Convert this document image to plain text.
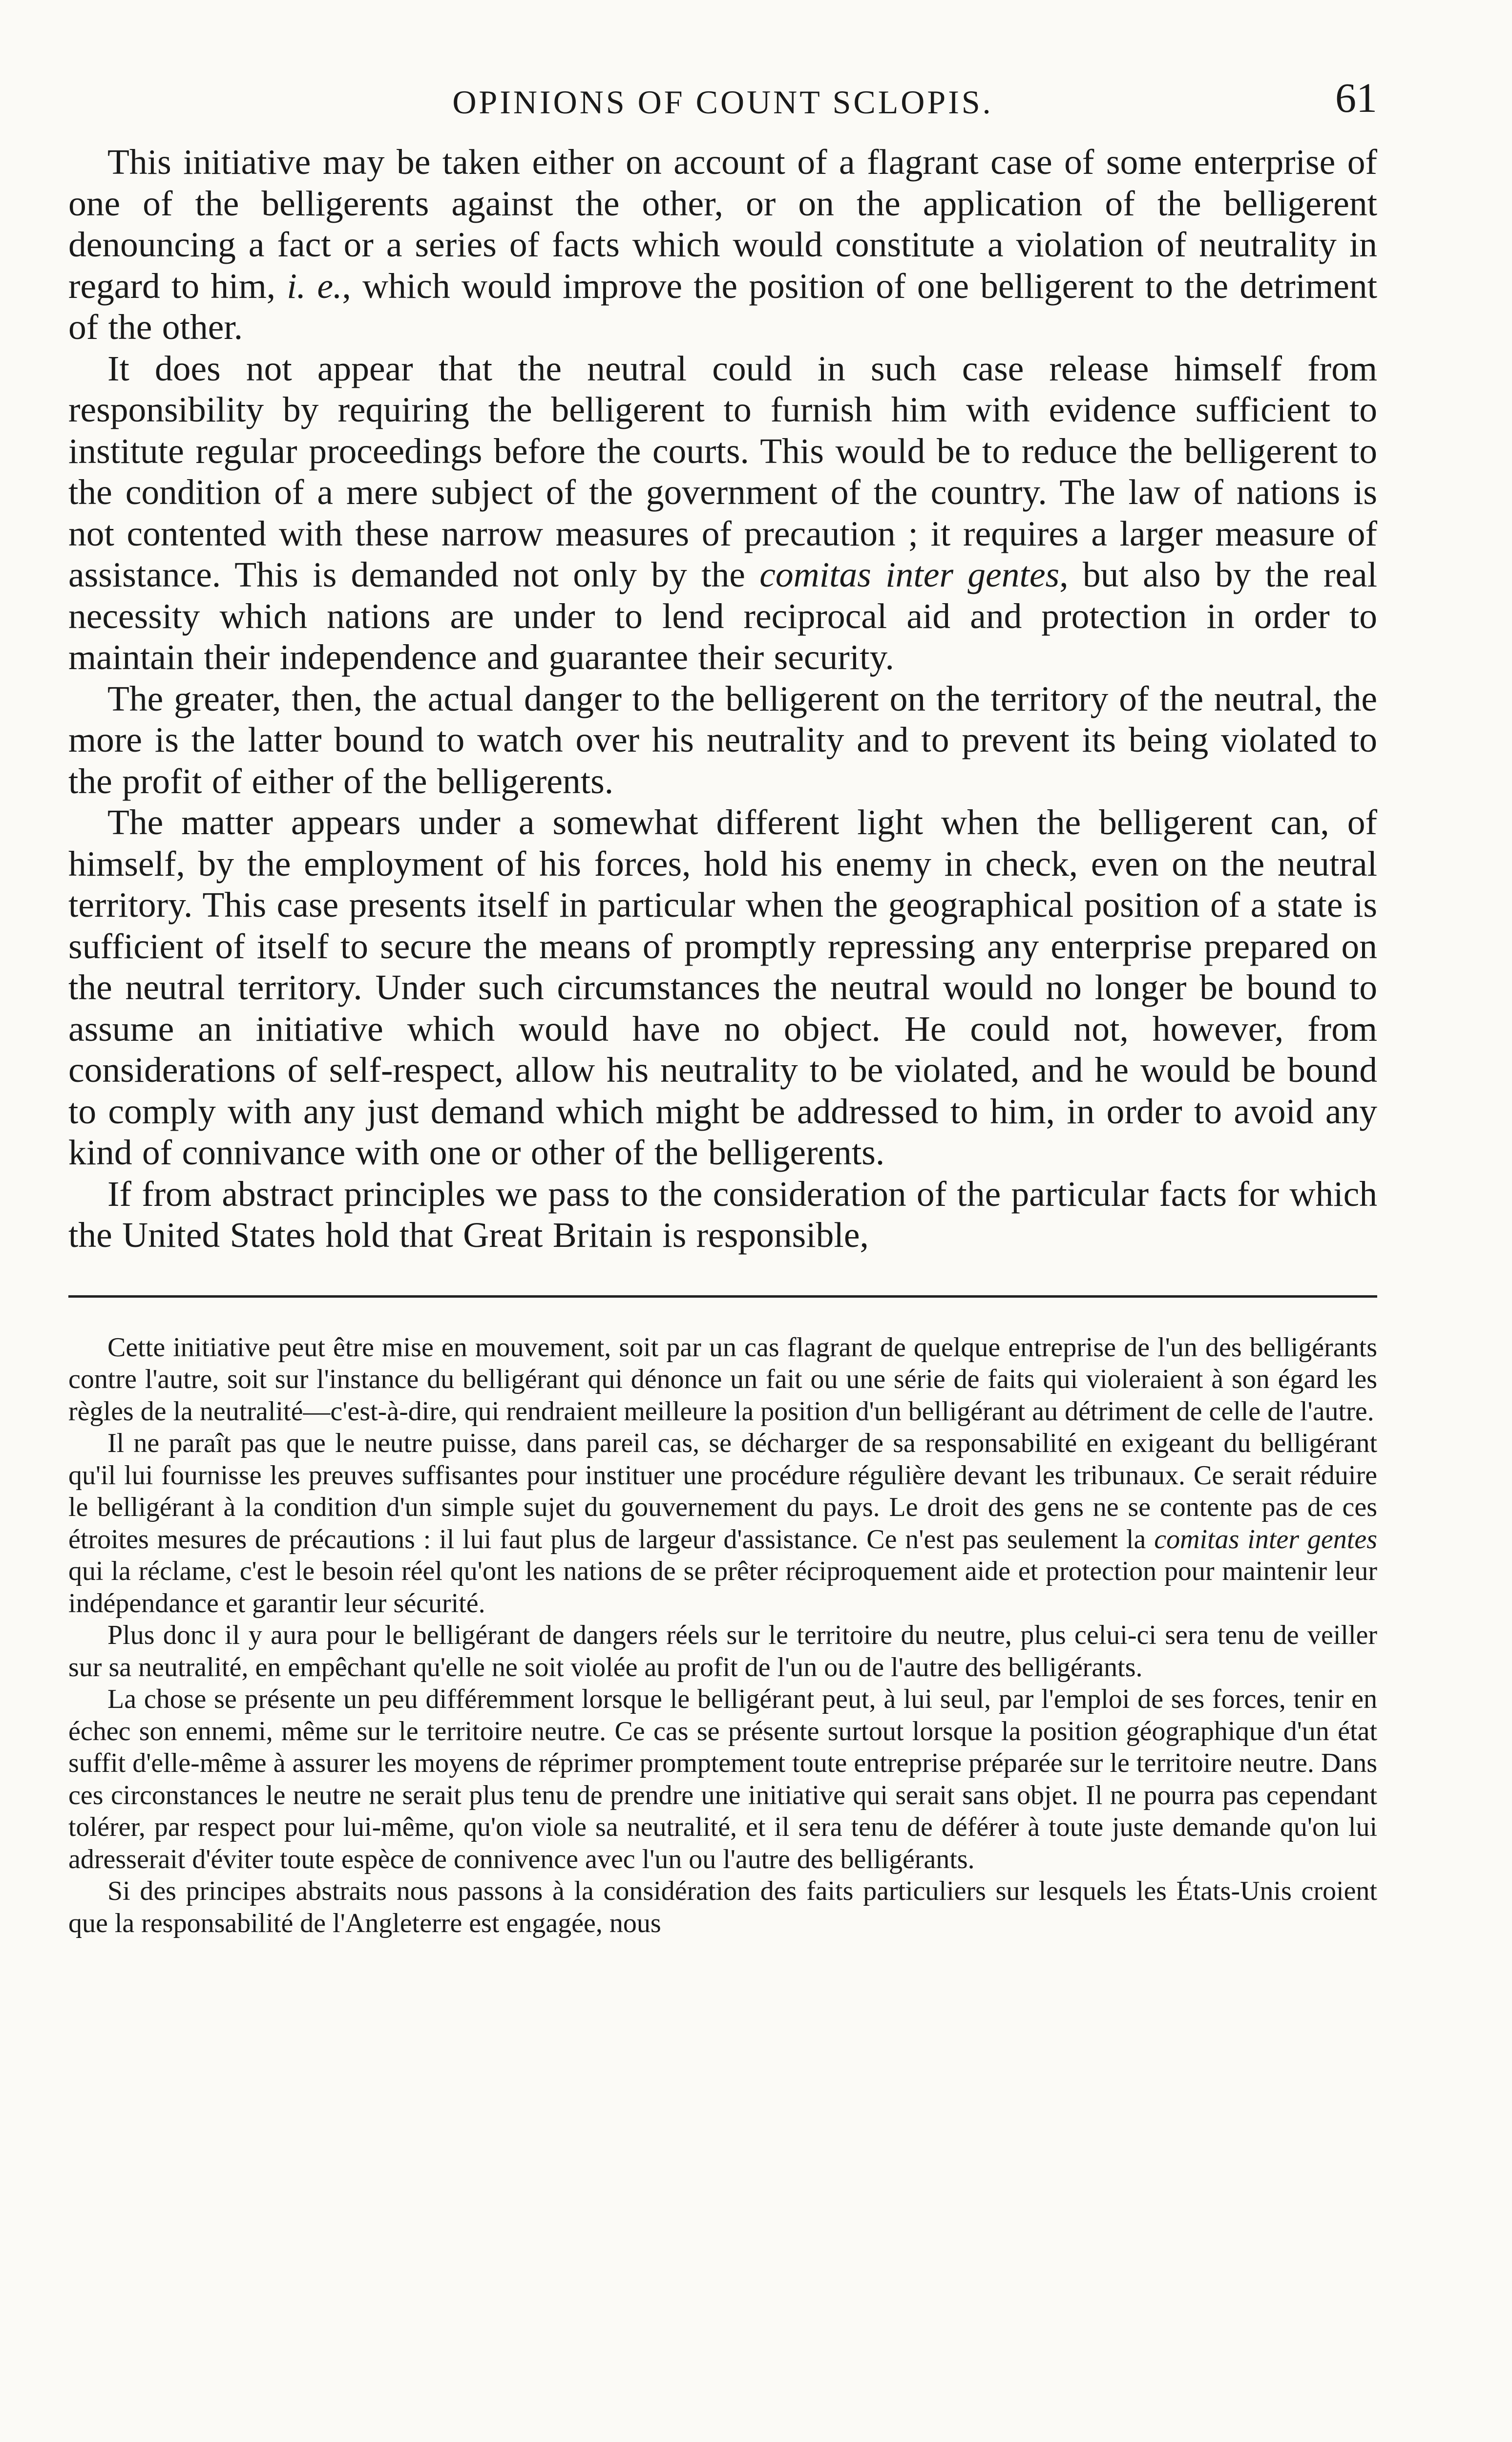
OPINIONS OF COUNT SCLOPIS.	61

This initiative may be taken either on account of a flagrant case of some enterprise of one of the belligerents against the other, or on the application of the belligerent denouncing a fact or a series of facts which would constitute a violation of neutrality in regard to him, i. e., which would improve the position of one belligerent to the detriment of the other.

It does not appear that the neutral could in such case release himself from responsibility by requiring the belligerent to furnish him with evidence sufficient to institute regular proceedings before the courts. This would be to reduce the belligerent to the condition of a mere subject of the government of the country. The law of nations is not contented with these narrow measures of precaution ; it requires a larger measure of assistance. This is demanded not only by the comitas inter gentes, but also by the real necessity which nations are under to lend reciprocal aid and protection in order to maintain their independence and guarantee their security.

The greater, then, the actual danger to the belligerent on the territory of the neutral, the more is the latter bound to watch over his neutrality and to prevent its being violated to the profit of either of the belligerents.

The matter appears under a somewhat different light when the belligerent can, of himself, by the employment of his forces, hold his enemy in check, even on the neutral territory. This case presents itself in particular when the geographical position of a state is sufficient of itself to secure the means of promptly repressing any enterprise prepared on the neutral territory. Under such circumstances the neutral would no longer be bound to assume an initiative which would have no object. He could not, however, from considerations of self-respect, allow his neutrality to be violated, and he would be bound to comply with any just demand which might be addressed to him, in order to avoid any kind of connivance with one or other of the belligerents.

If from abstract principles we pass to the consideration of the particular facts for which the United States hold that Great Britain is responsible,

Cette initiative peut être mise en mouvement, soit par un cas flagrant de quelque entreprise de l'un des belligérants contre l'autre, soit sur l'instance du belligérant qui dénonce un fait ou une série de faits qui violeraient à son égard les règles de la neutralité—c'est-à-dire, qui rendraient meilleure la position d'un belligérant au détriment de celle de l'autre.

Il ne paraît pas que le neutre puisse, dans pareil cas, se décharger de sa responsabilité en exigeant du belligérant qu'il lui fournisse les preuves suffisantes pour instituer une procédure régulière devant les tribunaux. Ce serait réduire le belligérant à la condition d'un simple sujet du gouvernement du pays. Le droit des gens ne se contente pas de ces étroites mesures de précautions : il lui faut plus de largeur d'assistance. Ce n'est pas seulement la comitas inter gentes qui la réclame, c'est le besoin réel qu'ont les nations de se prêter réciproquement aide et protection pour maintenir leur indépendance et garantir leur sécurité.

Plus donc il y aura pour le belligérant de dangers réels sur le territoire du neutre, plus celui-ci sera tenu de veiller sur sa neutralité, en empêchant qu'elle ne soit violée au profit de l'un ou de l'autre des belligérants.

La chose se présente un peu différemment lorsque le belligérant peut, à lui seul, par l'emploi de ses forces, tenir en échec son ennemi, même sur le territoire neutre. Ce cas se présente surtout lorsque la position géographique d'un état suffit d'elle-même à assurer les moyens de réprimer promptement toute entreprise préparée sur le territoire neutre. Dans ces circonstances le neutre ne serait plus tenu de prendre une initiative qui serait sans objet. Il ne pourra pas cependant tolérer, par respect pour lui-même, qu'on viole sa neutralité, et il sera tenu de déférer à toute juste demande qu'on lui adresserait d'éviter toute espèce de connivence avec l'un ou l'autre des belligérants.

Si des principes abstraits nous passons à la considération des faits particuliers sur lesquels les États-Unis croient que la responsabilité de l'Angleterre est engagée, nous
